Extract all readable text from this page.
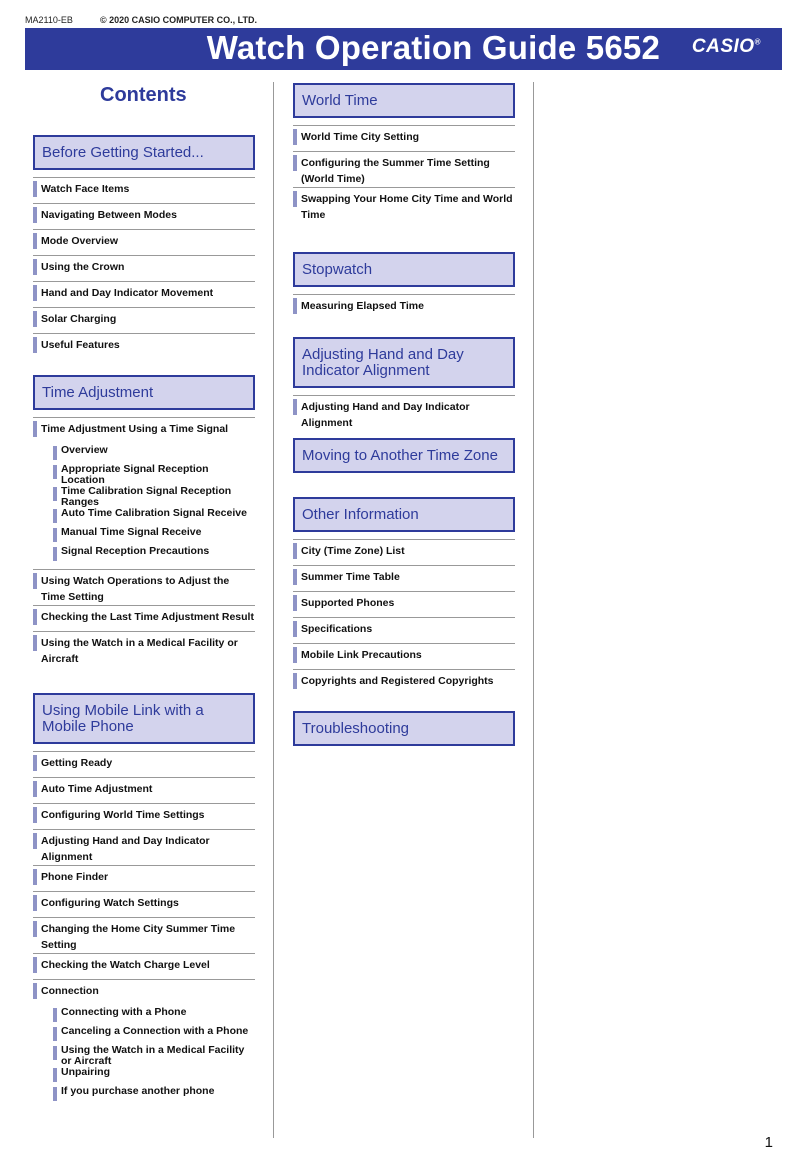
MA2110-EB	© 2020 CASIO COMPUTER CO., LTD.
Watch Operation Guide 5652 CASIO®
Contents
Before Getting Started...
Watch Face Items
Navigating Between Modes
Mode Overview
Using the Crown
Hand and Day Indicator Movement
Solar Charging
Useful Features
Time Adjustment
Time Adjustment Using a Time Signal
Overview
Appropriate Signal Reception Location
Time Calibration Signal Reception Ranges
Auto Time Calibration Signal Receive
Manual Time Signal Receive
Signal Reception Precautions
Using Watch Operations to Adjust the Time Setting
Checking the Last Time Adjustment Result
Using the Watch in a Medical Facility or Aircraft
Using Mobile Link with a Mobile Phone
Getting Ready
Auto Time Adjustment
Configuring World Time Settings
Adjusting Hand and Day Indicator Alignment
Phone Finder
Configuring Watch Settings
Changing the Home City Summer Time Setting
Checking the Watch Charge Level
Connection
Connecting with a Phone
Canceling a Connection with a Phone
Using the Watch in a Medical Facility or Aircraft
Unpairing
If you purchase another phone
World Time
World Time City Setting
Configuring the Summer Time Setting (World Time)
Swapping Your Home City Time and World Time
Stopwatch
Measuring Elapsed Time
Adjusting Hand and Day Indicator Alignment
Adjusting Hand and Day Indicator Alignment
Moving to Another Time Zone
Other Information
City (Time Zone) List
Summer Time Table
Supported Phones
Specifications
Mobile Link Precautions
Copyrights and Registered Copyrights
Troubleshooting
1
